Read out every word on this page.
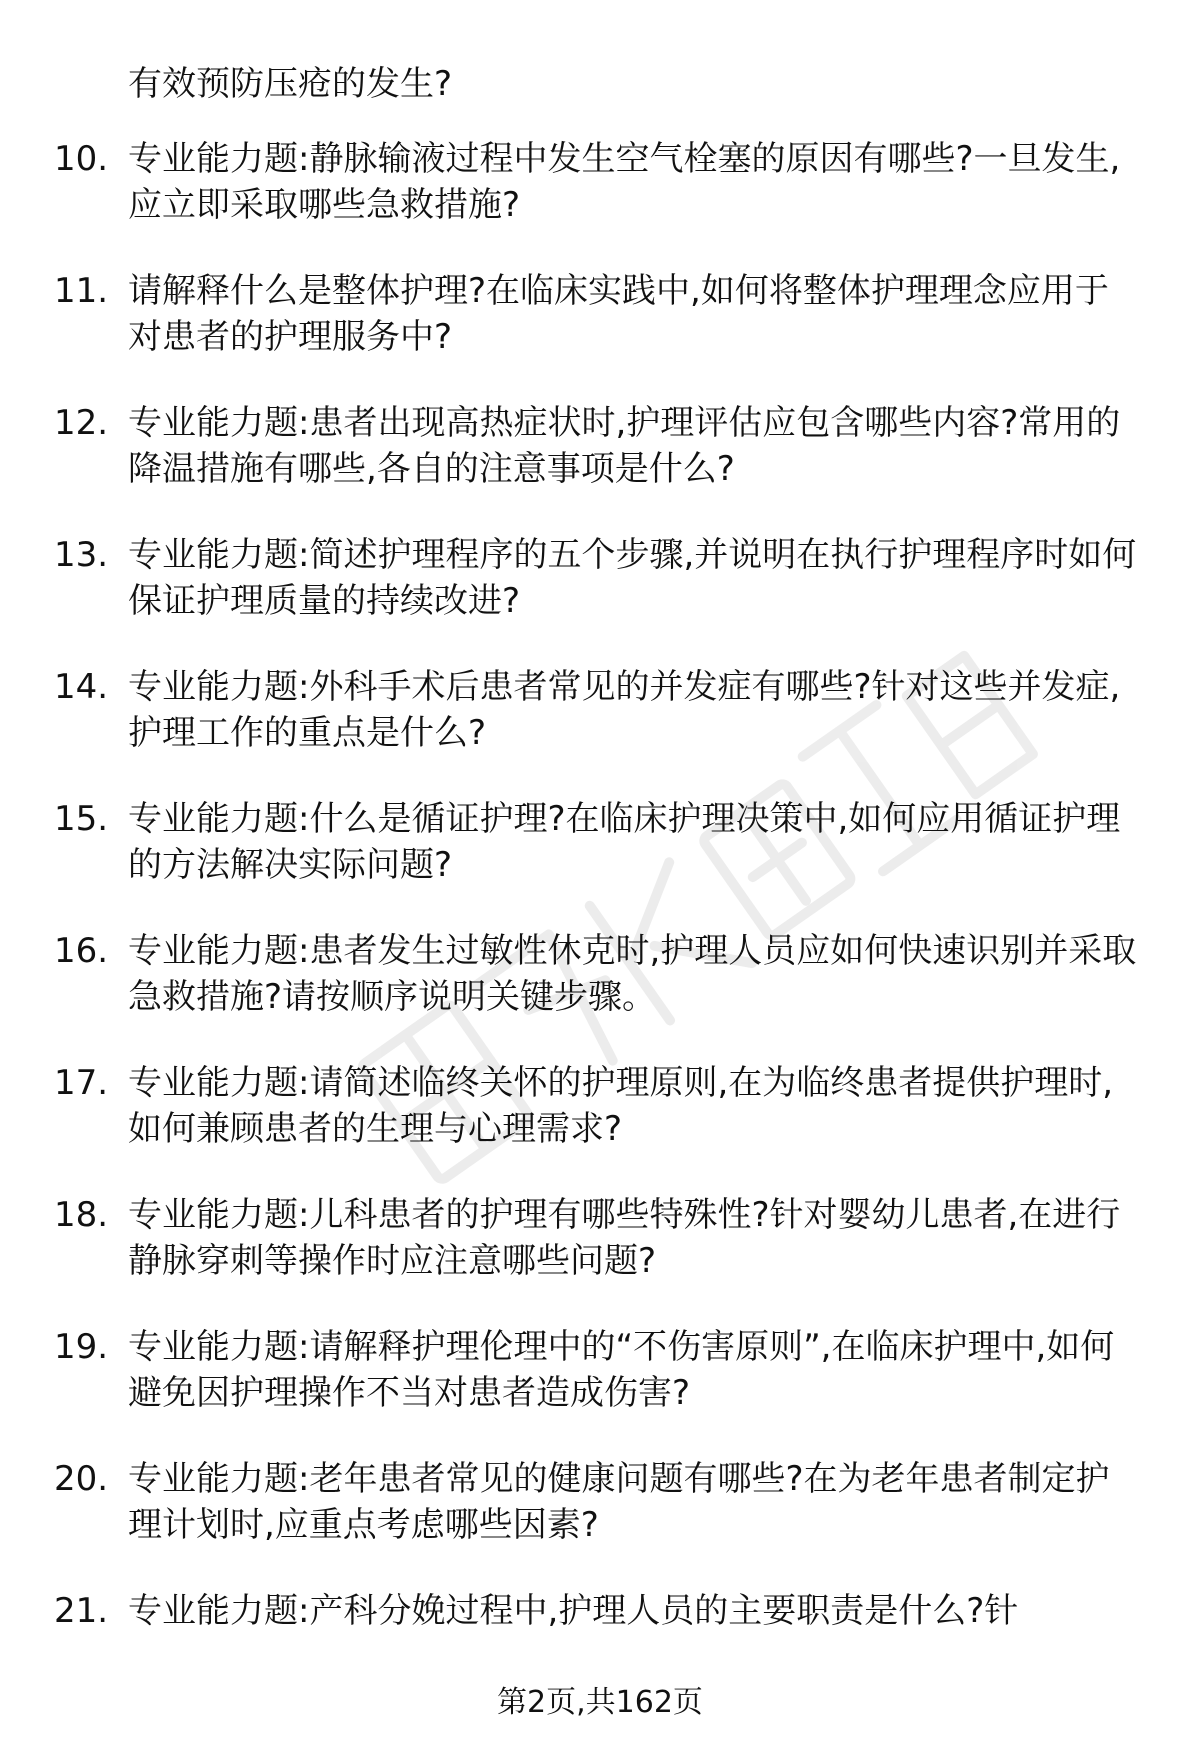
有效预防压疮的发生?
10. 专业能力题:静脉输液过程中发生空气栓塞的原因有哪些?一旦发生,应立即采取哪些急救措施?
11. 请解释什么是整体护理?在临床实践中,如何将整体护理理念应用于对患者的护理服务中?
12. 专业能力题:患者出现高热症状时,护理评估应包含哪些内容?常用的降温措施有哪些,各自的注意事项是什么?
13. 专业能力题:简述护理程序的五个步骤,并说明在执行护理程序时如何保证护理质量的持续改进?
14. 专业能力题:外科手术后患者常见的并发症有哪些?针对这些并发症,护理工作的重点是什么?
15. 专业能力题:什么是循证护理?在临床护理决策中,如何应用循证护理的方法解决实际问题?
16. 专业能力题:患者发生过敏性休克时,护理人员应如何快速识别并采取急救措施?请按顺序说明关键步骤。
17. 专业能力题:请简述临终关怀的护理原则,在为临终患者提供护理时,如何兼顾患者的生理与心理需求?
18. 专业能力题:儿科患者的护理有哪些特殊性?针对婴幼儿患者,在进行静脉穿刺等操作时应注意哪些问题?
19. 专业能力题:请解释护理伦理中的“不伤害原则”,在临床护理中,如何避免因护理操作不当对患者造成伤害?
20. 专业能力题:老年患者常见的健康问题有哪些?在为老年患者制定护理计划时,应重点考虑哪些因素?
21. 专业能力题:产科分娩过程中,护理人员的主要职责是什么?针
第2页,共162页
